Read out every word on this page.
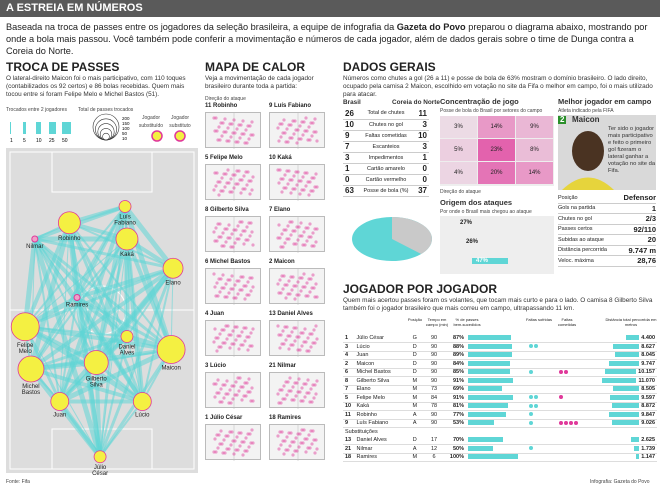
A ESTREIA EM NÚMEROS
Baseada na troca de passes entre os jogadores da seleção brasileira, a equipe de infografia da Gazeta do Povo preparou o diagrama abaixo, mostrando por onde a bola mais passou. Você também pode conferir a movimentação e números de cada jogador, além de dados gerais sobre o time de Dunga contra a Coreia do Norte.
TROCA DE PASSES
O lateral-direito Maicon foi o mais participativo, com 110 toques (contabilizados os 92 certos) e 86 bolas recebidas. Quem mais tocou entre si foram Felipe Melo e Michel Bastos (51).
Trocados entre 2 jogadores Total de passes trocados
Jogador substituído
Jogador substituto
1 5 10 25 50
200
150
100
50
10
Júlio
César
Juan	Lúcio
Michel
Bastos
Maicon
Felipe
Melo
Gilberto
Silva
Daniel
Alves
Ramires
Elano
Kaká
Robinho
Luís
Fabiano
Nilmar
MAPA DE CALOR
Veja a movimentação de cada jogador brasileiro durante toda a partida:
Direção do ataque
11 Robinho	9 Luís Fabiano
5 Felipe Melo	10 Kaká
8 Gilberto Silva	7 Elano
6 Michel Bastos	2 Maicon
4 Juan	13 Daniel Alves
3 Lúcio	21 Nilmar
1 Júlio César	18 Ramires
DADOS GERAIS
Números como chutes a gol (26 a 11) e posse de bola de 63% mostram o domínio brasileiro. O lado direito, ocupado pela camisa 2 Maicon, escolhido em votação no site da Fifa o melhor em campo, foi o mais utilizado para atacar.
Brasil	Coreia do Norte
26	Total de chutes	11
10	Chutes no gol	3
9	Faltas cometidas	10
7	Escanteios	3
3	Impedimentos	1
1	Cartão amarelo	0
0	Cartão vermelho	0
63	Posse de bola (%)	37
Concentração de jogo
Posse de bola do Brasil por setores do campo
3%	14%	9%
5%	23%	8%
4%	20%	14%
Direção do ataque
Origem dos ataques
Por onde o Brasil mais chegou ao ataque
27%
26%
47%
Melhor jogador em campo
Atleta indicado pela FIFA
2 Maicon
Ter sido o jogador mais participativo e feito o primeiro gol fizeram o lateral ganhar a votação no site da Fifa.
Posição	Defensor
Gols na partida	1
Chutes no gol	2/3
Passes certos	92/110
Subidas ao ataque	20
Distância percorrida	9.747 m
Veloc. máxima	28,76
JOGADOR POR JOGADOR
Quem mais acertou passes foram os volantes, que tocam mais curto e para o lado. O camisa 8 Gilberto Silva também foi o jogador brasileiro que mais correu em campo, ultrapassando 11 km.
Posição	Tempo em campo (min)
% de passes bem-sucedidos
Faltas sofridas	Faltas cometidas
Distância total percorrida em metros
1	Júlio César	G	90	87%				4.400
3	Lúcio	D	90	88%				8.627
4	Juan	D	90	89%				8.045
2	Maicon	D	90	84%				9.747
6	Michel Bastos	D	90	85%				10.157
8	Gilberto Silva	M	90	91%				11.070
7	Elano	M	73	69%				8.505
5	Felipe Melo	M	84	91%				9.597
10	Kaká	M	78	81%				8.872
11	Robinho	A	90	77%				9.847
9	Luís Fabiano	A	90	53%				9.026
Substituições								
13	Daniel Alves	D	17	70%				2.625
21	Nilmar	A	12	50%				1.739
18	Ramires	M	6	100%				1.147
Fonte: Fifa	Infografia: Gazeta do Povo
